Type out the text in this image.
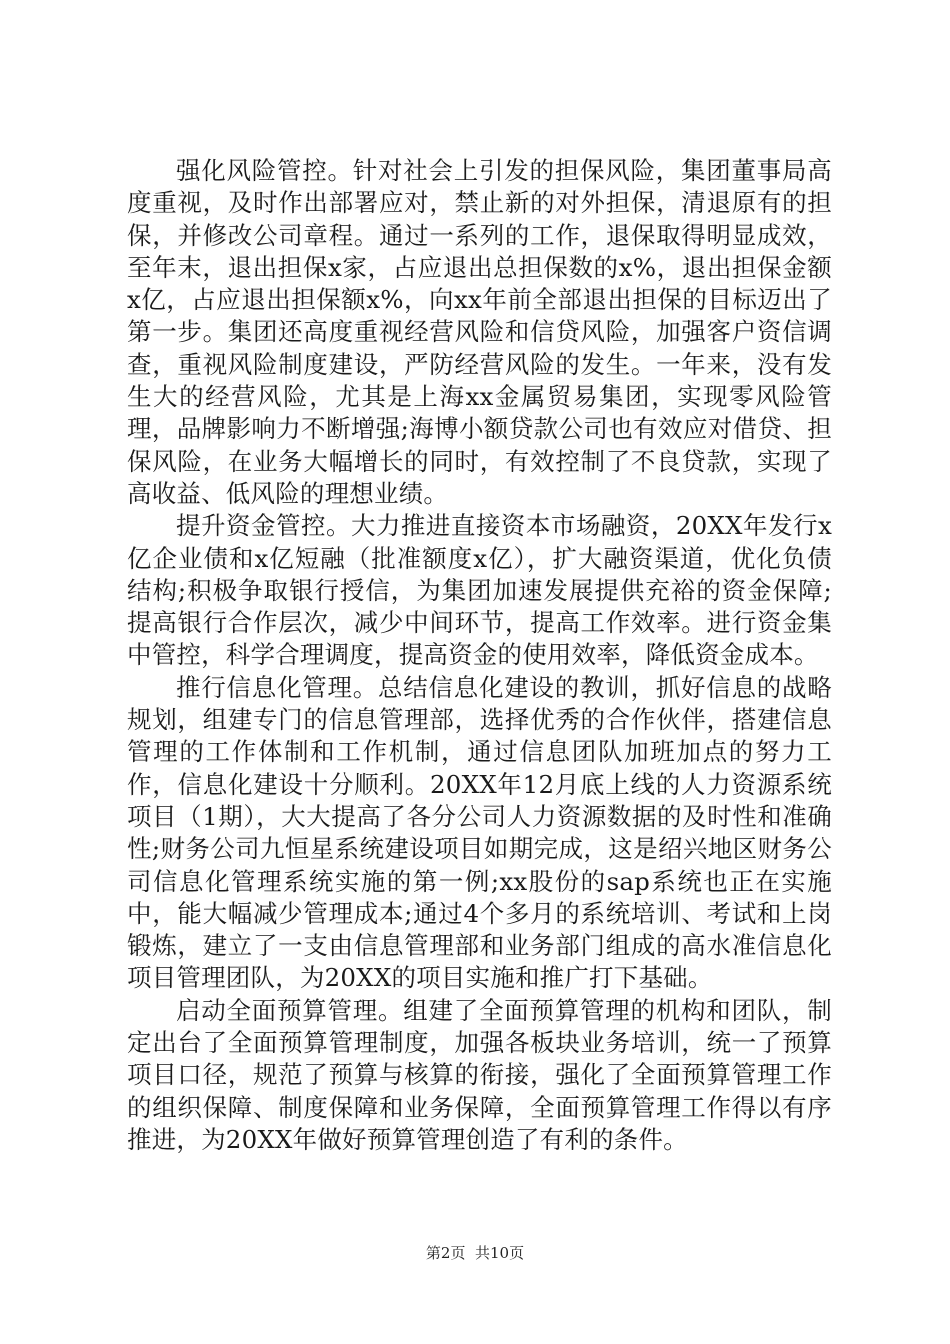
强化风险管控。针对社会上引发的担保风险，集团董事局高度重视，及时作出部署应对，禁止新的对外担保，清退原有的担保，并修改公司章程。通过一系列的工作，退保取得明显成效，至年末，退出担保x家，占应退出总担保数的x%，退出担保金额x亿，占应退出担保额x%，向xx年前全部退出担保的目标迈出了第一步。集团还高度重视经营风险和信贷风险，加强客户资信调查，重视风险制度建设，严防经营风险的发生。一年来，没有发生大的经营风险，尤其是上海xx金属贸易集团，实现零风险管理，品牌影响力不断增强;海博小额贷款公司也有效应对借贷、担保风险，在业务大幅增长的同时，有效控制了不良贷款，实现了高收益、低风险的理想业绩。

提升资金管控。大力推进直接资本市场融资，20XX年发行x亿企业债和x亿短融（批准额度x亿），扩大融资渠道，优化负债结构;积极争取银行授信，为集团加速发展提供充裕的资金保障;提高银行合作层次，减少中间环节，提高工作效率。进行资金集中管控，科学合理调度，提高资金的使用效率，降低资金成本。

推行信息化管理。总结信息化建设的教训，抓好信息的战略规划，组建专门的信息管理部，选择优秀的合作伙伴，搭建信息管理的工作体制和工作机制，通过信息团队加班加点的努力工作，信息化建设十分顺利。20XX年12月底上线的人力资源系统项目（1期），大大提高了各分公司人力资源数据的及时性和准确性;财务公司九恒星系统建设项目如期完成，这是绍兴地区财务公司信息化管理系统实施的第一例;xx股份的sap系统也正在实施中，能大幅减少管理成本;通过4个多月的系统培训、考试和上岗锻炼，建立了一支由信息管理部和业务部门组成的高水准信息化项目管理团队，为20XX的项目实施和推广打下基础。

启动全面预算管理。组建了全面预算管理的机构和团队，制定出台了全面预算管理制度，加强各板块业务培训，统一了预算项目口径，规范了预算与核算的衔接，强化了全面预算管理工作的组织保障、制度保障和业务保障，全面预算管理工作得以有序推进，为20XX年做好预算管理创造了有利的条件。

第2页 共10页
